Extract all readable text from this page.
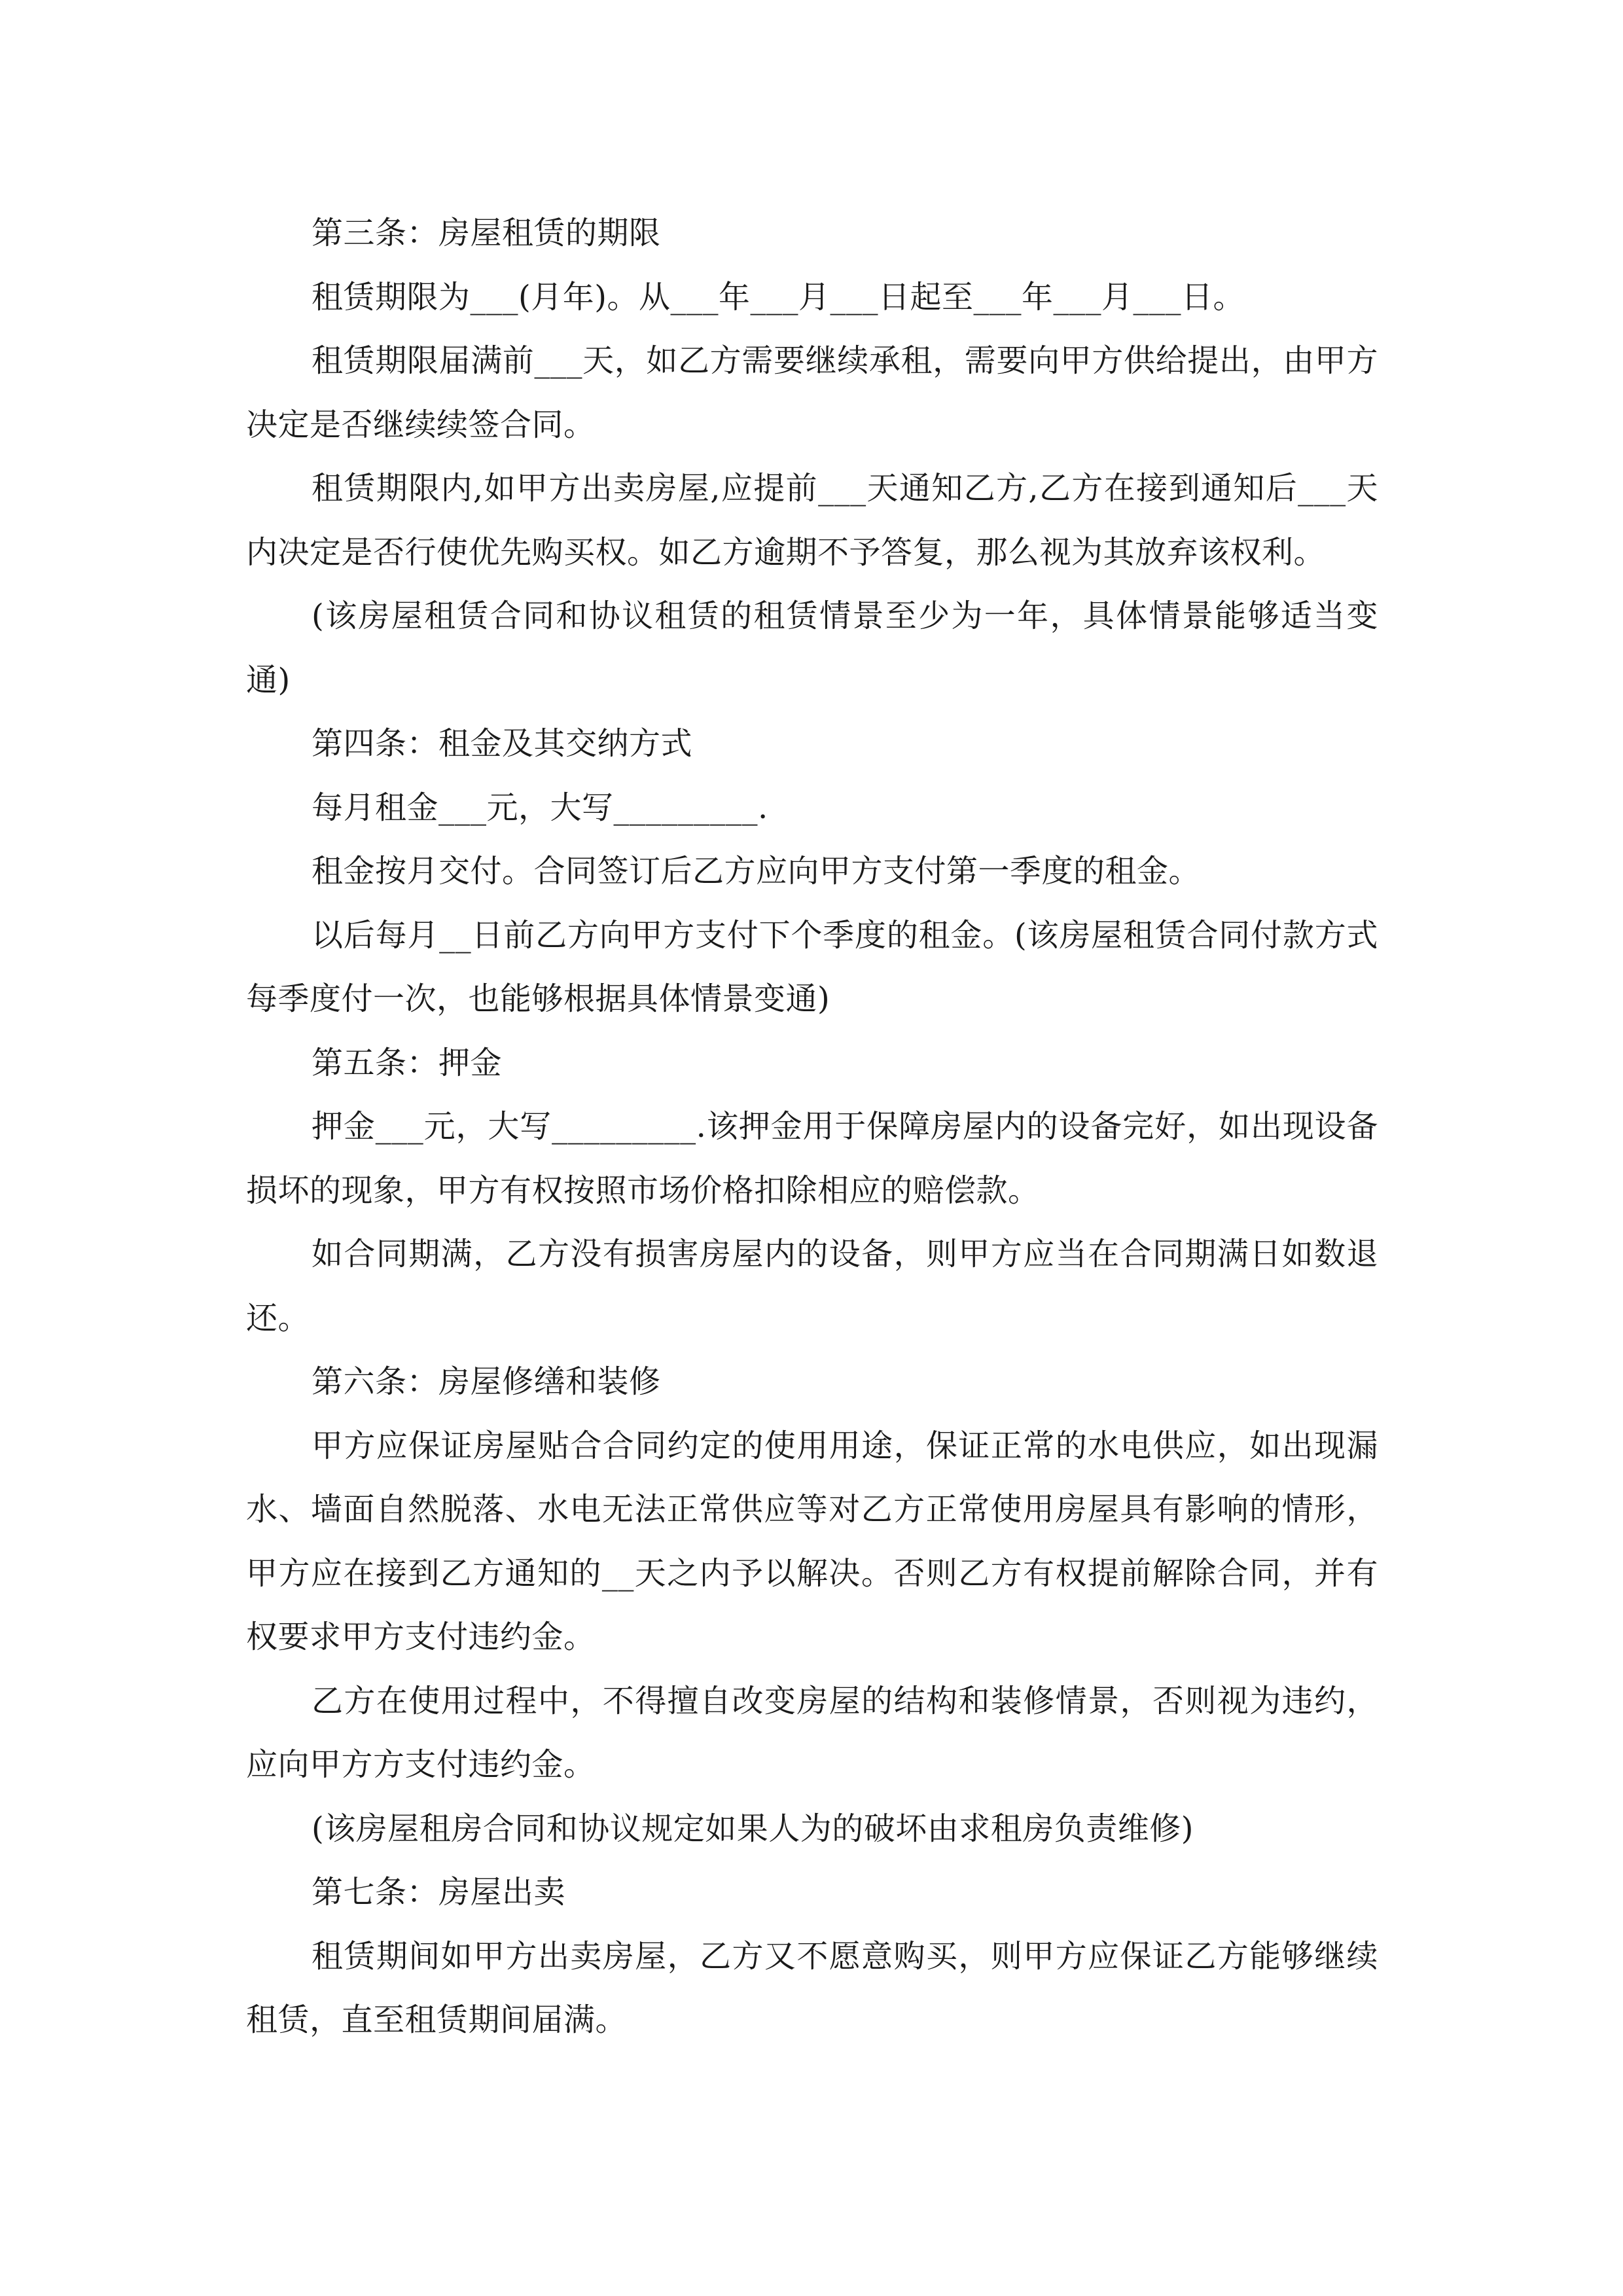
第三条：房屋租赁的期限

租赁期限为___(月年)。从___年___月___日起至___年___月___日。

租赁期限届满前___天，如乙方需要继续承租，需要向甲方供给提出，由甲方决定是否继续续签合同。

租赁期限内,如甲方出卖房屋,应提前___天通知乙方,乙方在接到通知后___天内决定是否行使优先购买权。如乙方逾期不予答复，那么视为其放弃该权利。

(该房屋租赁合同和协议租赁的租赁情景至少为一年，具体情景能够适当变通)

第四条：租金及其交纳方式

每月租金___元，大写_________.

租金按月交付。合同签订后乙方应向甲方支付第一季度的租金。

以后每月__日前乙方向甲方支付下个季度的租金。(该房屋租赁合同付款方式每季度付一次，也能够根据具体情景变通)

第五条：押金

押金___元，大写_________.该押金用于保障房屋内的设备完好，如出现设备损坏的现象，甲方有权按照市场价格扣除相应的赔偿款。

如合同期满，乙方没有损害房屋内的设备，则甲方应当在合同期满日如数退还。

第六条：房屋修缮和装修

甲方应保证房屋贴合合同约定的使用用途，保证正常的水电供应，如出现漏水、墙面自然脱落、水电无法正常供应等对乙方正常使用房屋具有影响的情形，甲方应在接到乙方通知的__天之内予以解决。否则乙方有权提前解除合同，并有权要求甲方支付违约金。

乙方在使用过程中，不得擅自改变房屋的结构和装修情景，否则视为违约，应向甲方方支付违约金。

(该房屋租房合同和协议规定如果人为的破坏由求租房负责维修)

第七条：房屋出卖

租赁期间如甲方出卖房屋，乙方又不愿意购买，则甲方应保证乙方能够继续租赁，直至租赁期间届满。
